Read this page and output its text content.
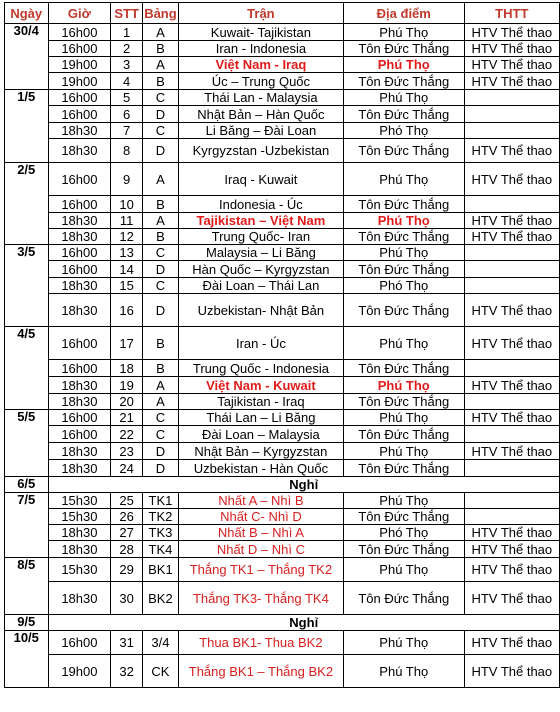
Ngày	Giờ	STT	Bảng	Trận	Địa điểm	THTT
30/4	16h00	1	A	Kuwait- Tajikistan	Phú Thọ	HTV Thể thao
	16h00	2	B	Iran - Indonesia	Tôn Đức Thắng	HTV Thể thao
	19h00	3	A	Việt Nam - Iraq	Phú Thọ	HTV Thể thao
	19h00	4	B	Úc – Trung Quốc	Tôn Đức Thắng	HTV Thể thao
1/5	16h00	5	C	Thái Lan - Malaysia	Phú Thọ	
	16h00	6	D	Nhật Bản – Hàn Quốc	Tôn Đức Thắng	
	18h30	7	C	Li Băng – Đài Loan	Phó Thọ	
	18h30	8	D	Kyrgyzstan -Uzbekistan	Tôn Đức Thắng	HTV Thể thao
2/5	16h00	9	A	Iraq - Kuwait	Phú Thọ	HTV Thể thao
	16h00	10	B	Indonesia - Úc	Tôn Đức Thắng	
	18h30	11	A	Tajikistan – Việt Nam	Phú Thọ	HTV Thể thao
	18h30	12	B	Trung Quốc- Iran	Tôn Đức Thắng	HTV Thể thao
3/5	16h00	13	C	Malaysia – Li Băng	Phú Thọ	
	16h00	14	D	Hàn Quốc – Kyrgyzstan	Tôn Đức Thắng	
	18h30	15	C	Đài Loan – Thái Lan	Phó Thọ	
	18h30	16	D	Uzbekistan- Nhật Bản	Tôn Đức Thắng	HTV Thể thao
4/5	16h00	17	B	Iran - Úc	Phú Thọ	HTV Thể thao
	16h00	18	B	Trung Quốc - Indonesia	Tôn Đức Thắng	
	18h30	19	A	Việt Nam - Kuwait	Phú Thọ	HTV Thể thao
	18h30	20	A	Tajikistan - Iraq	Tôn Đức Thắng	
5/5	16h00	21	C	Thái Lan – Li Băng	Phú Thọ	HTV Thể thao
	16h00	22	C	Đài Loan – Malaysia	Tôn Đức Thắng	
	18h30	23	D	Nhật Bản – Kyrgyzstan	Phú Thọ	HTV Thể thao
	18h30	24	D	Uzbekistan - Hàn Quốc	Tôn Đức Thắng	
6/5	Nghỉ					
7/5	15h30	25	TK1	Nhất A – Nhì B	Phú Thọ	
	15h30	26	TK2	Nhất C- Nhì D	Tôn Đức Thắng	
	18h30	27	TK3	Nhất B – Nhì A	Phó Thọ	HTV Thể thao
	18h30	28	TK4	Nhất D – Nhì C	Tôn Đức Thắng	HTV Thể thao
8/5	15h30	29	BK1	Thắng TK1 – Thắng TK2	Phú Thọ	HTV Thể thao
	18h30	30	BK2	Thắng TK3- Thắng TK4	Tôn Đức Thắng	HTV Thể thao
9/5	Nghỉ					
10/5	16h00	31	3/4	Thua BK1- Thua BK2	Phú Thọ	HTV Thể thao
	19h00	32	CK	Thắng BK1 – Thắng BK2	Phú Thọ	HTV Thể thao
